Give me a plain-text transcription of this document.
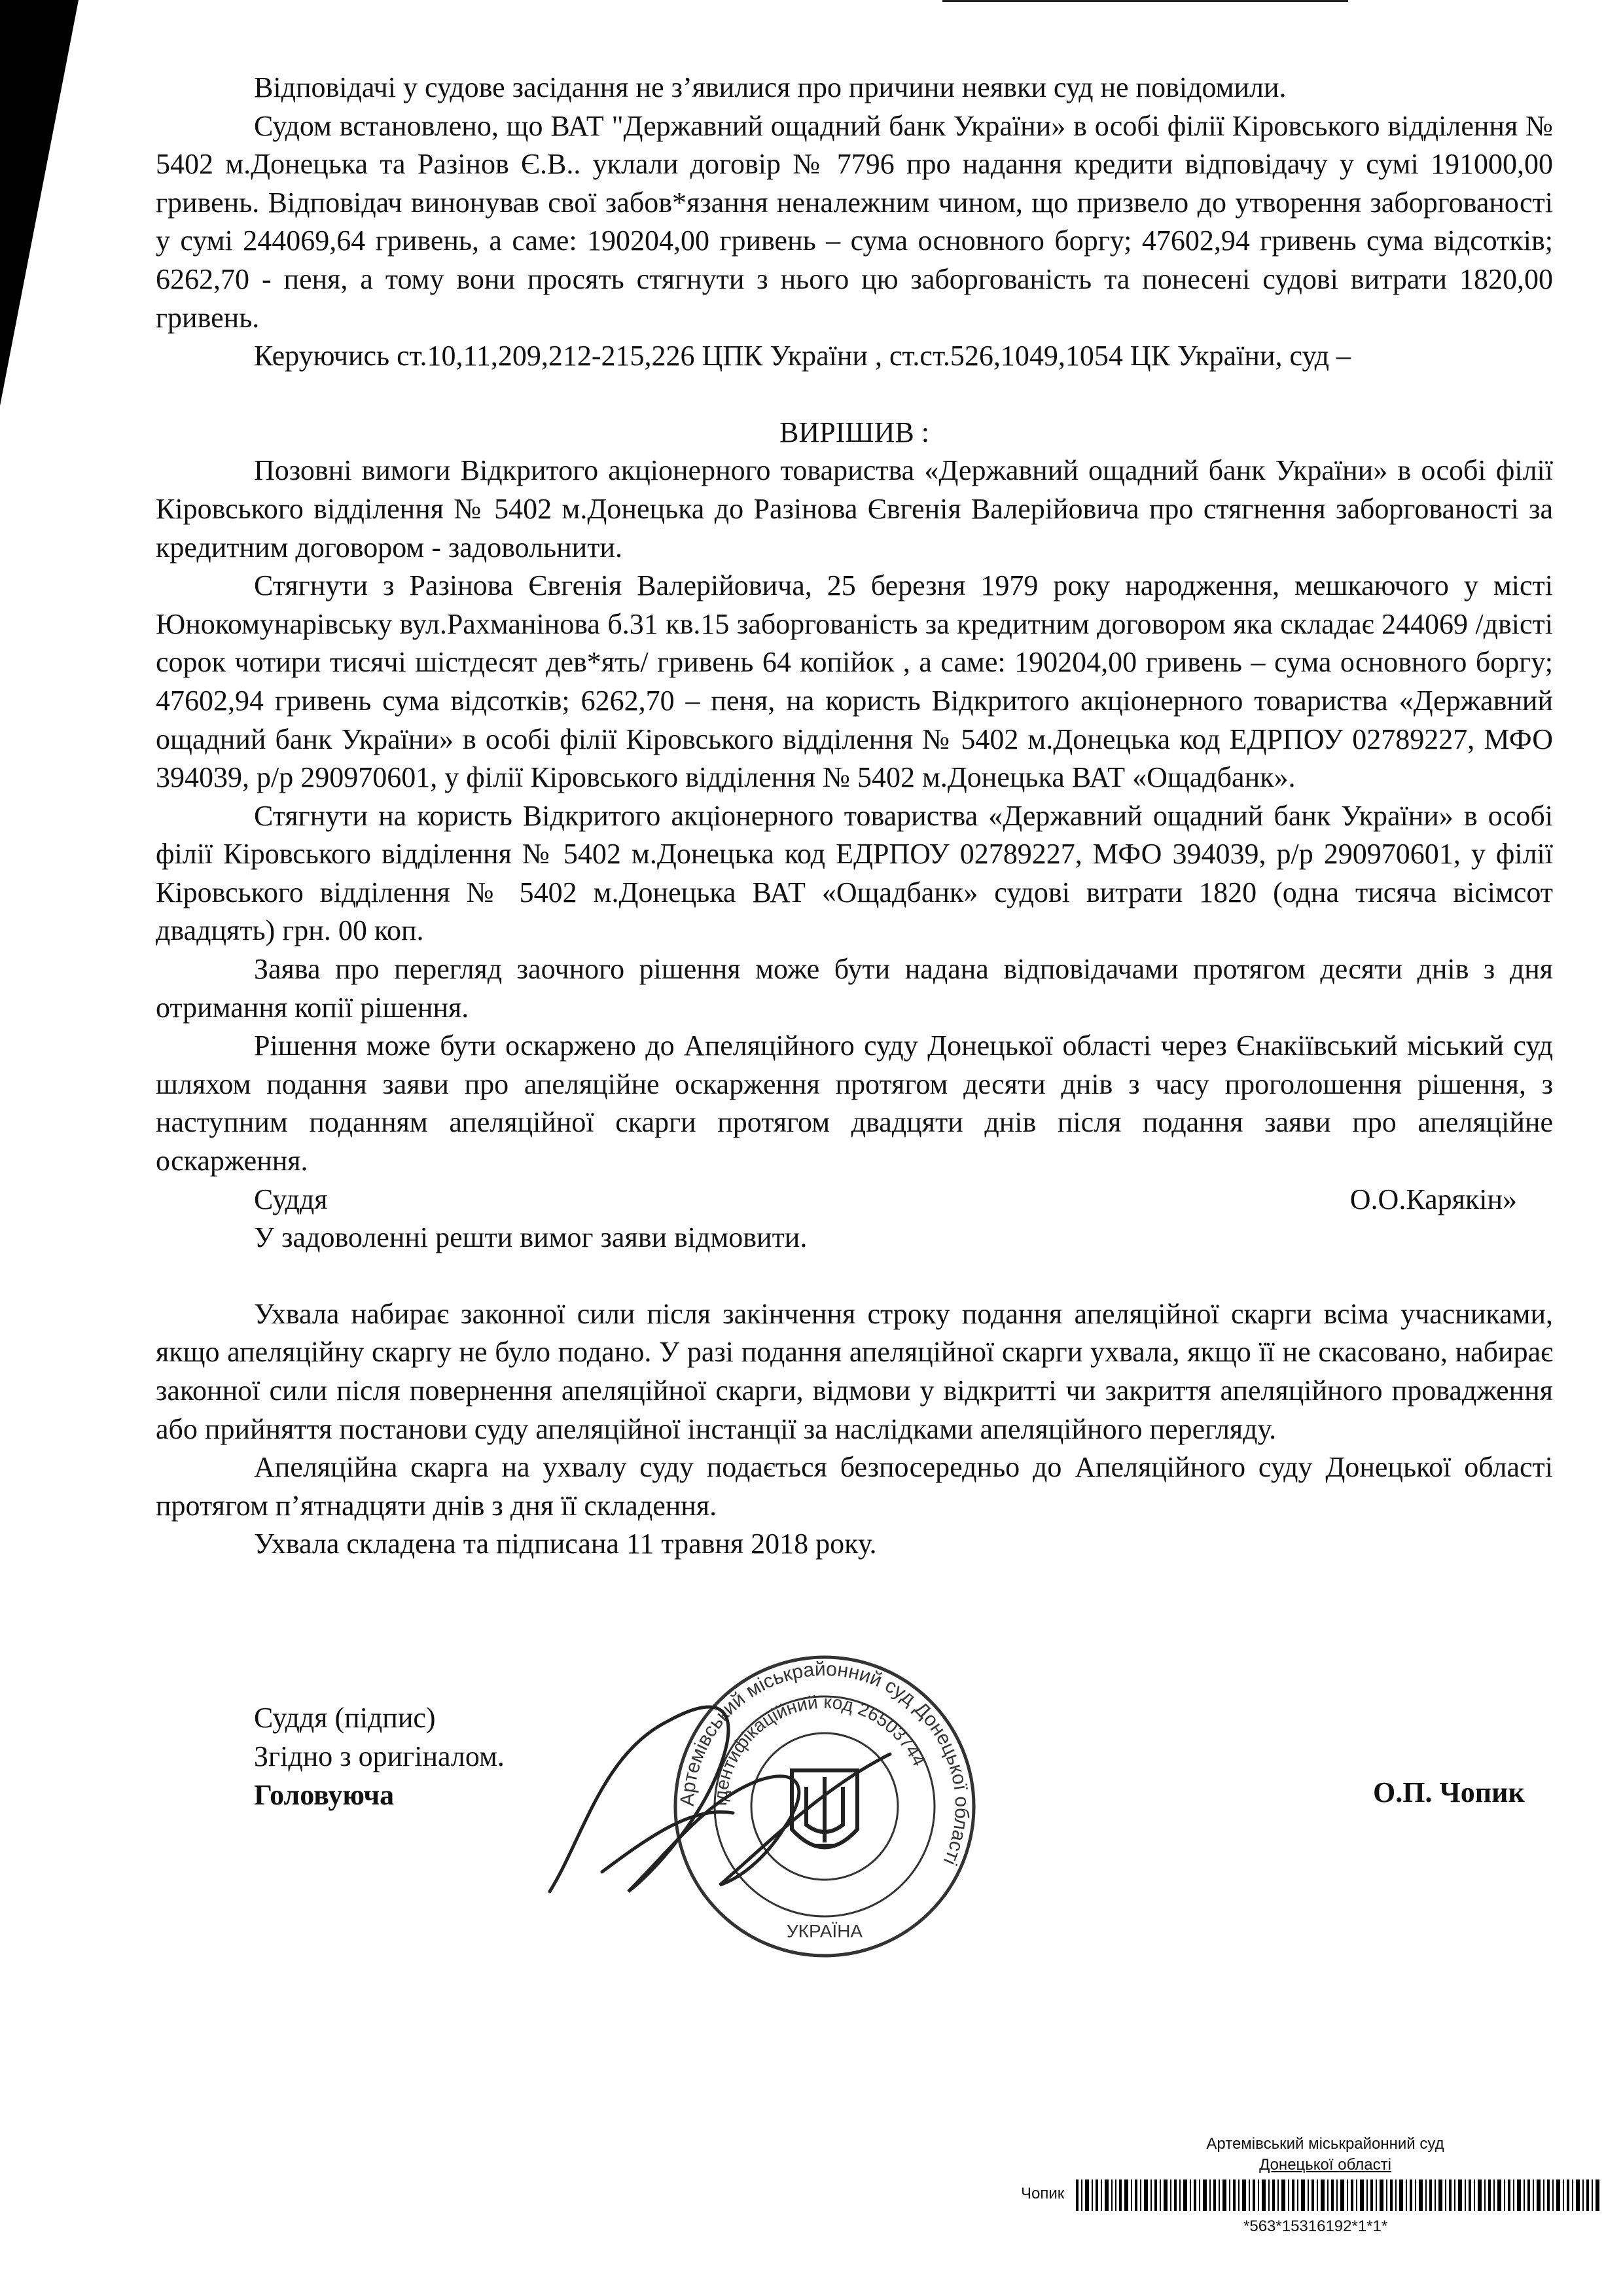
Відповідачі у судове засідання не з’явилися про причини неявки суд не повідомили.

Судом встановлено, що ВАТ "Державний ощадний банк України» в особі філії Кіровського відділення № 5402 м.Донецька та Разінов Є.В.. уклали договір № 7796 про надання кредити відповідачу у сумі 191000,00 гривень. Відповідач винонував свої забов*язання неналежним чином, що призвело до утворення заборгованості у сумі 244069,64 гривень, а саме: 190204,00 гривень – сума основного боргу; 47602,94 гривень сума відсотків; 6262,70 - пеня, а тому вони просять стягнути з нього цю заборгованість та понесені судові витрати 1820,00 гривень.

Керуючись ст.10,11,209,212-215,226 ЦПК України , ст.ст.526,1049,1054 ЦК України, суд –

ВИРІШИВ :

Позовні вимоги Відкритого акціонерного товариства «Державний ощадний банк України» в особі філії Кіровського відділення № 5402 м.Донецька до Разінова Євгенія Валерійовича про стягнення заборгованості за кредитним договором - задовольнити.

Стягнути з Разінова Євгенія Валерійовича, 25 березня 1979 року народження, мешкаючого у місті Юнокомунарівську вул.Рахманінова б.31 кв.15 заборгованість за кредитним договором яка складає 244069 /двісті сорок чотири тисячі шістдесят дев*ять/ гривень 64 копійок , а саме: 190204,00 гривень – сума основного боргу; 47602,94 гривень сума відсотків; 6262,70 – пеня, на користь Відкритого акціонерного товариства «Державний ощадний банк України» в особі філії Кіровського відділення № 5402 м.Донецька код ЕДРПОУ 02789227, МФО 394039, р/р 290970601, у філії Кіровського відділення № 5402 м.Донецька ВАТ «Ощадбанк».

Стягнути на користь Відкритого акціонерного товариства «Державний ощадний банк України» в особі філії Кіровського відділення № 5402 м.Донецька код ЕДРПОУ 02789227, МФО 394039, р/р 290970601, у філії Кіровського відділення № 5402 м.Донецька ВАТ «Ощадбанк» судові витрати 1820 (одна тисяча вісімсот двадцять) грн. 00 коп.

Заява про перегляд заочного рішення може бути надана відповідачами протягом десяти днів з дня отримання копії рішення.

Рішення може бути оскаржено до Апеляційного суду Донецької області через Єнакіївський міський суд шляхом подання заяви про апеляційне оскарження протягом десяти днів з часу проголошення рішення, з наступним поданням апеляційної скарги протягом двадцяти днів після подання заяви про апеляційне оскарження.

Суддя	О.О.Карякін»

У задоволенні решти вимог заяви відмовити.

Ухвала набирає законної сили після закінчення строку подання апеляційної скарги всіма учасниками, якщо апеляційну скаргу не було подано. У разі подання апеляційної скарги ухвала, якщо її не скасовано, набирає законної сили після повернення апеляційної скарги, відмови у відкритті чи закриття апеляційного провадження або прийняття постанови суду апеляційної інстанції за наслідками апеляційного перегляду.

Апеляційна скарга на ухвалу суду подається безпосередньо до Апеляційного суду Донецької області протягом п’ятнадцяти днів з дня її складення.

Ухвала складена та підписана 11 травня 2018 року.

Суддя (підпис)
Згідно з оригіналом.
Головуюча	О.П. Чопик
Артемівський міськрайонний суд Донецької області
Ідентифікаційний код 26503744
УКРАЇНА
Артемівський міськрайонний суд
Донецької області
Чопик
*563*15316192*1*1*
